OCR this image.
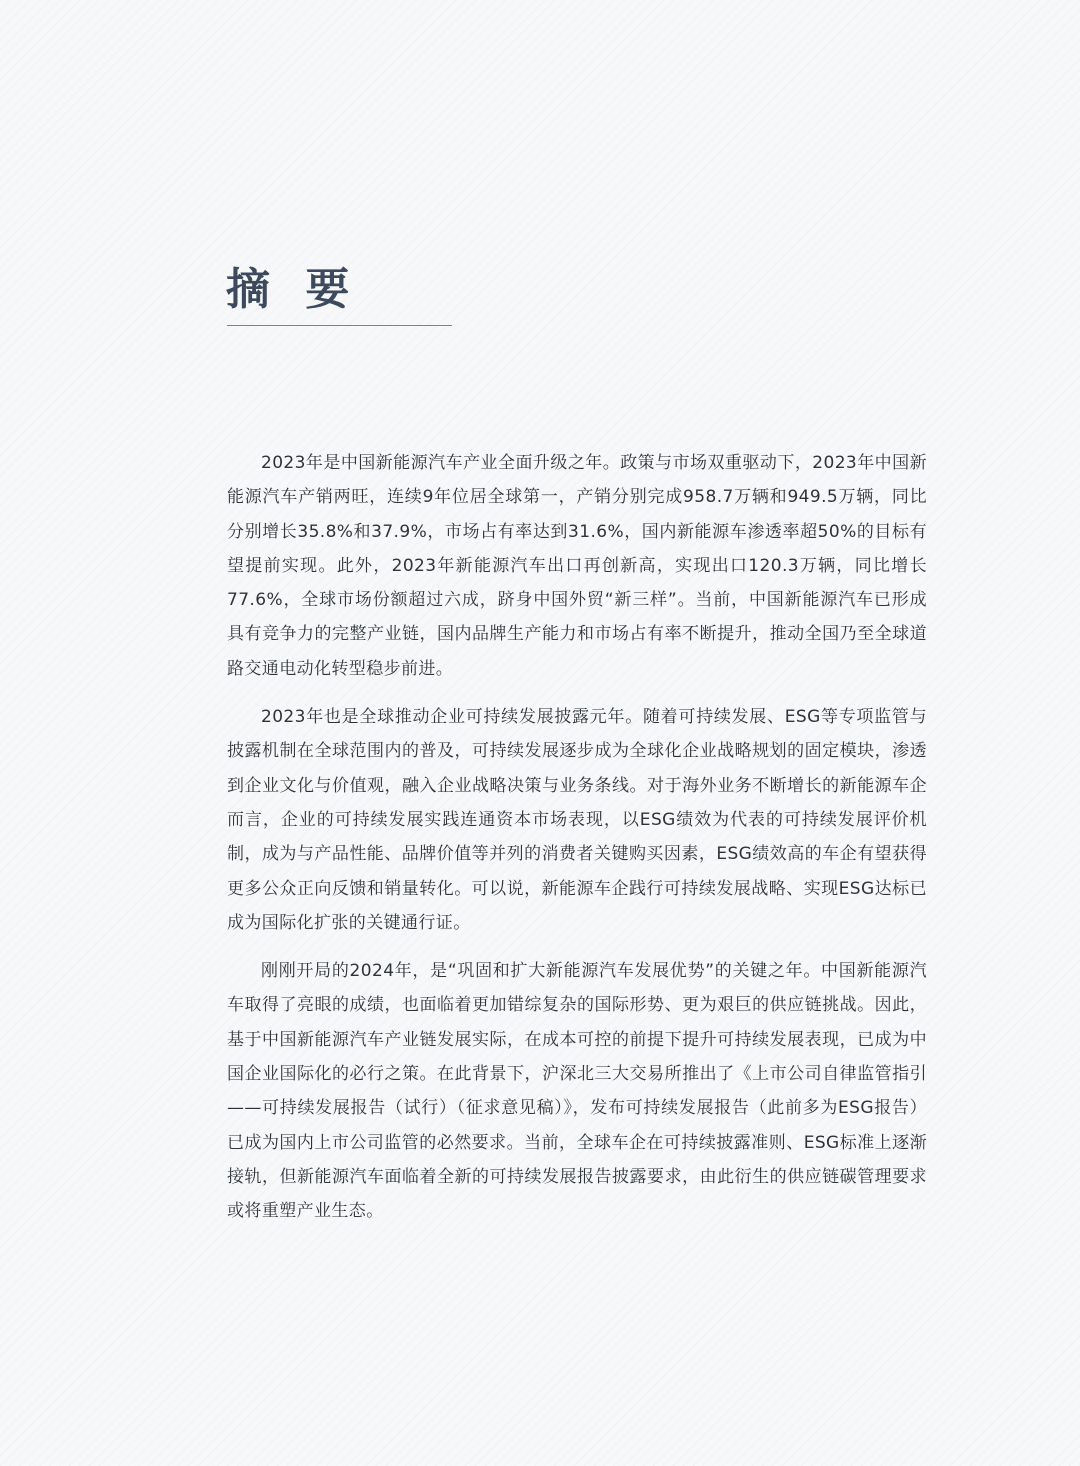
摘 要

2023年是中国新能源汽车产业全面升级之年。政策与市场双重驱动下，2023年中国新能源汽车产销两旺，连续9年位居全球第一，产销分别完成958.7万辆和949.5万辆，同比分别增长35.8%和37.9%，市场占有率达到31.6%，国内新能源车渗透率超50%的目标有望提前实现。此外，2023年新能源汽车出口再创新高，实现出口120.3万辆，同比增长77.6%，全球市场份额超过六成，跻身中国外贸“新三样”。当前，中国新能源汽车已形成具有竞争力的完整产业链，国内品牌生产能力和市场占有率不断提升，推动全国乃至全球道路交通电动化转型稳步前进。

2023年也是全球推动企业可持续发展披露元年。随着可持续发展、ESG等专项监管与披露机制在全球范围内的普及，可持续发展逐步成为全球化企业战略规划的固定模块，渗透到企业文化与价值观，融入企业战略决策与业务条线。对于海外业务不断增长的新能源车企而言，企业的可持续发展实践连通资本市场表现，以ESG绩效为代表的可持续发展评价机制，成为与产品性能、品牌价值等并列的消费者关键购买因素，ESG绩效高的车企有望获得更多公众正向反馈和销量转化。可以说，新能源车企践行可持续发展战略、实现ESG达标已成为国际化扩张的关键通行证。

刚刚开局的2024年，是“巩固和扩大新能源汽车发展优势”的关键之年。中国新能源汽车取得了亮眼的成绩，也面临着更加错综复杂的国际形势、更为艰巨的供应链挑战。因此，基于中国新能源汽车产业链发展实际，在成本可控的前提下提升可持续发展表现，已成为中国企业国际化的必行之策。在此背景下，沪深北三大交易所推出了《上市公司自律监管指引——可持续发展报告（试行）（征求意见稿）》，发布可持续发展报告（此前多为ESG报告）已成为国内上市公司监管的必然要求。当前，全球车企在可持续披露准则、ESG标准上逐渐接轨，但新能源汽车面临着全新的可持续发展报告披露要求，由此衍生的供应链碳管理要求或将重塑产业生态。
